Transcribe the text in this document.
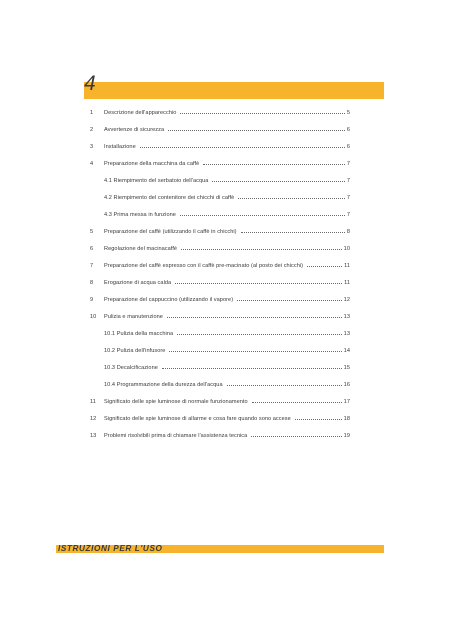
4
1	Descrizione dell'apparecchio	5
2	Avvertenze di sicurezza	6
3	Installazione	6
4	Preparazione della macchina da caffè	7
4.1 Riempimento del serbatoio dell'acqua	7
4.2 Riempimento del contenitore dei chicchi di caffè	7
4.3 Prima messa in funzione	7
5	Preparazione del caffè (utilizzando il caffè in chicchi)	8
6	Regolazione del macinacaffè	10
7	Preparazione del caffè espresso con il caffè pre-macinato (al posto dei chicchi)	11
8	Erogazione di acqua calda	11
9	Preparazione del cappuccino (utilizzando il vapore)	12
10	Pulizia e manutenzione	13
10.1 Pulizia della macchina	13
10.2 Pulizia dell'infusore	14
10.3 Decalcificazione	15
10.4 Programmazione della durezza dell'acqua	16
11	Significato delle spie luminose di normale funzionamento	17
12	Significato delle spie luminose di allarme e cosa fare quando sono accese	18
13	Problemi risolvibili prima di chiamare l'assistenza tecnica	19
ISTRUZIONI PER L'USO
